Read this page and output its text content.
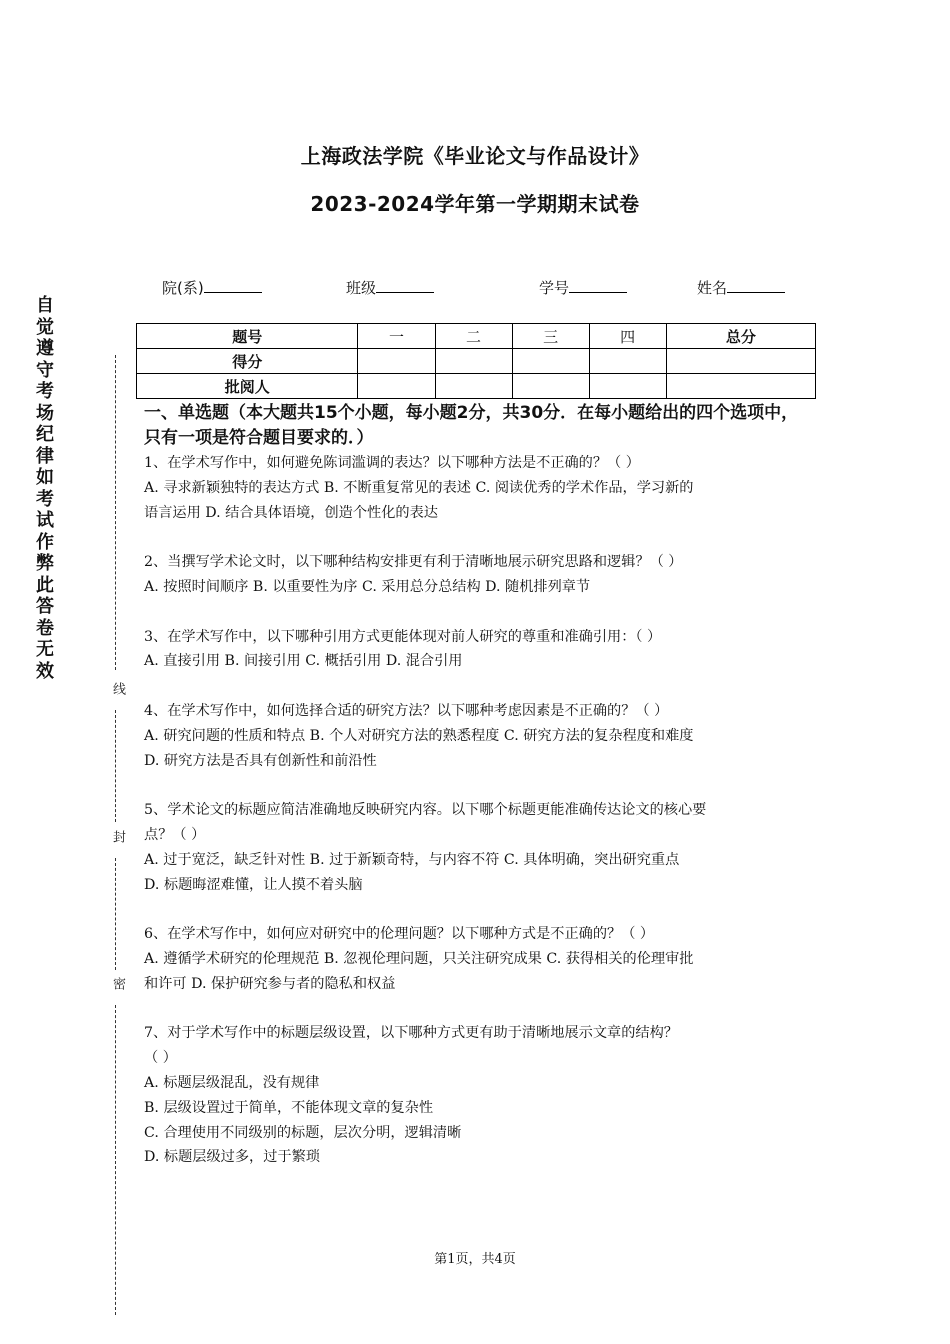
上海政法学院《毕业论文与作品设计》
2023-2024学年第一学期期末试卷
院(系)	班级	学号	姓名
题号	一	二	三	四	总分
得分					
批阅人					
自
觉
遵
守
考
场
纪
律
如
考
试
作
弊
此
答
卷
无
效
线
封
密
一、单选题（本大题共15个小题，每小题2分，共30分．在每小题给出的四个选项中，只有一项是符合题目要求的．）
1、在学术写作中，如何避免陈词滥调的表达？以下哪种方法是不正确的？（ ）
A. 寻求新颖独特的表达方式 B. 不断重复常见的表述 C. 阅读优秀的学术作品，学习新的
语言运用 D. 结合具体语境，创造个性化的表达
2、当撰写学术论文时，以下哪种结构安排更有利于清晰地展示研究思路和逻辑？（ ）
A. 按照时间顺序 B. 以重要性为序 C. 采用总分总结构 D. 随机排列章节
3、在学术写作中，以下哪种引用方式更能体现对前人研究的尊重和准确引用：（ ）
A. 直接引用 B. 间接引用 C. 概括引用 D. 混合引用
4、在学术写作中，如何选择合适的研究方法？以下哪种考虑因素是不正确的？（ ）
A. 研究问题的性质和特点 B. 个人对研究方法的熟悉程度 C. 研究方法的复杂程度和难度
D. 研究方法是否具有创新性和前沿性
5、学术论文的标题应简洁准确地反映研究内容。以下哪个标题更能准确传达论文的核心要
点？（ ）
A. 过于宽泛，缺乏针对性 B. 过于新颖奇特，与内容不符 C. 具体明确，突出研究重点
D. 标题晦涩难懂，让人摸不着头脑
6、在学术写作中，如何应对研究中的伦理问题？以下哪种方式是不正确的？（ ）
A. 遵循学术研究的伦理规范 B. 忽视伦理问题，只关注研究成果 C. 获得相关的伦理审批
和许可 D. 保护研究参与者的隐私和权益
7、对于学术写作中的标题层级设置，以下哪种方式更有助于清晰地展示文章的结构？
（ ）
A. 标题层级混乱，没有规律
B. 层级设置过于简单，不能体现文章的复杂性
C. 合理使用不同级别的标题，层次分明，逻辑清晰
D. 标题层级过多，过于繁琐
第1页，共4页
